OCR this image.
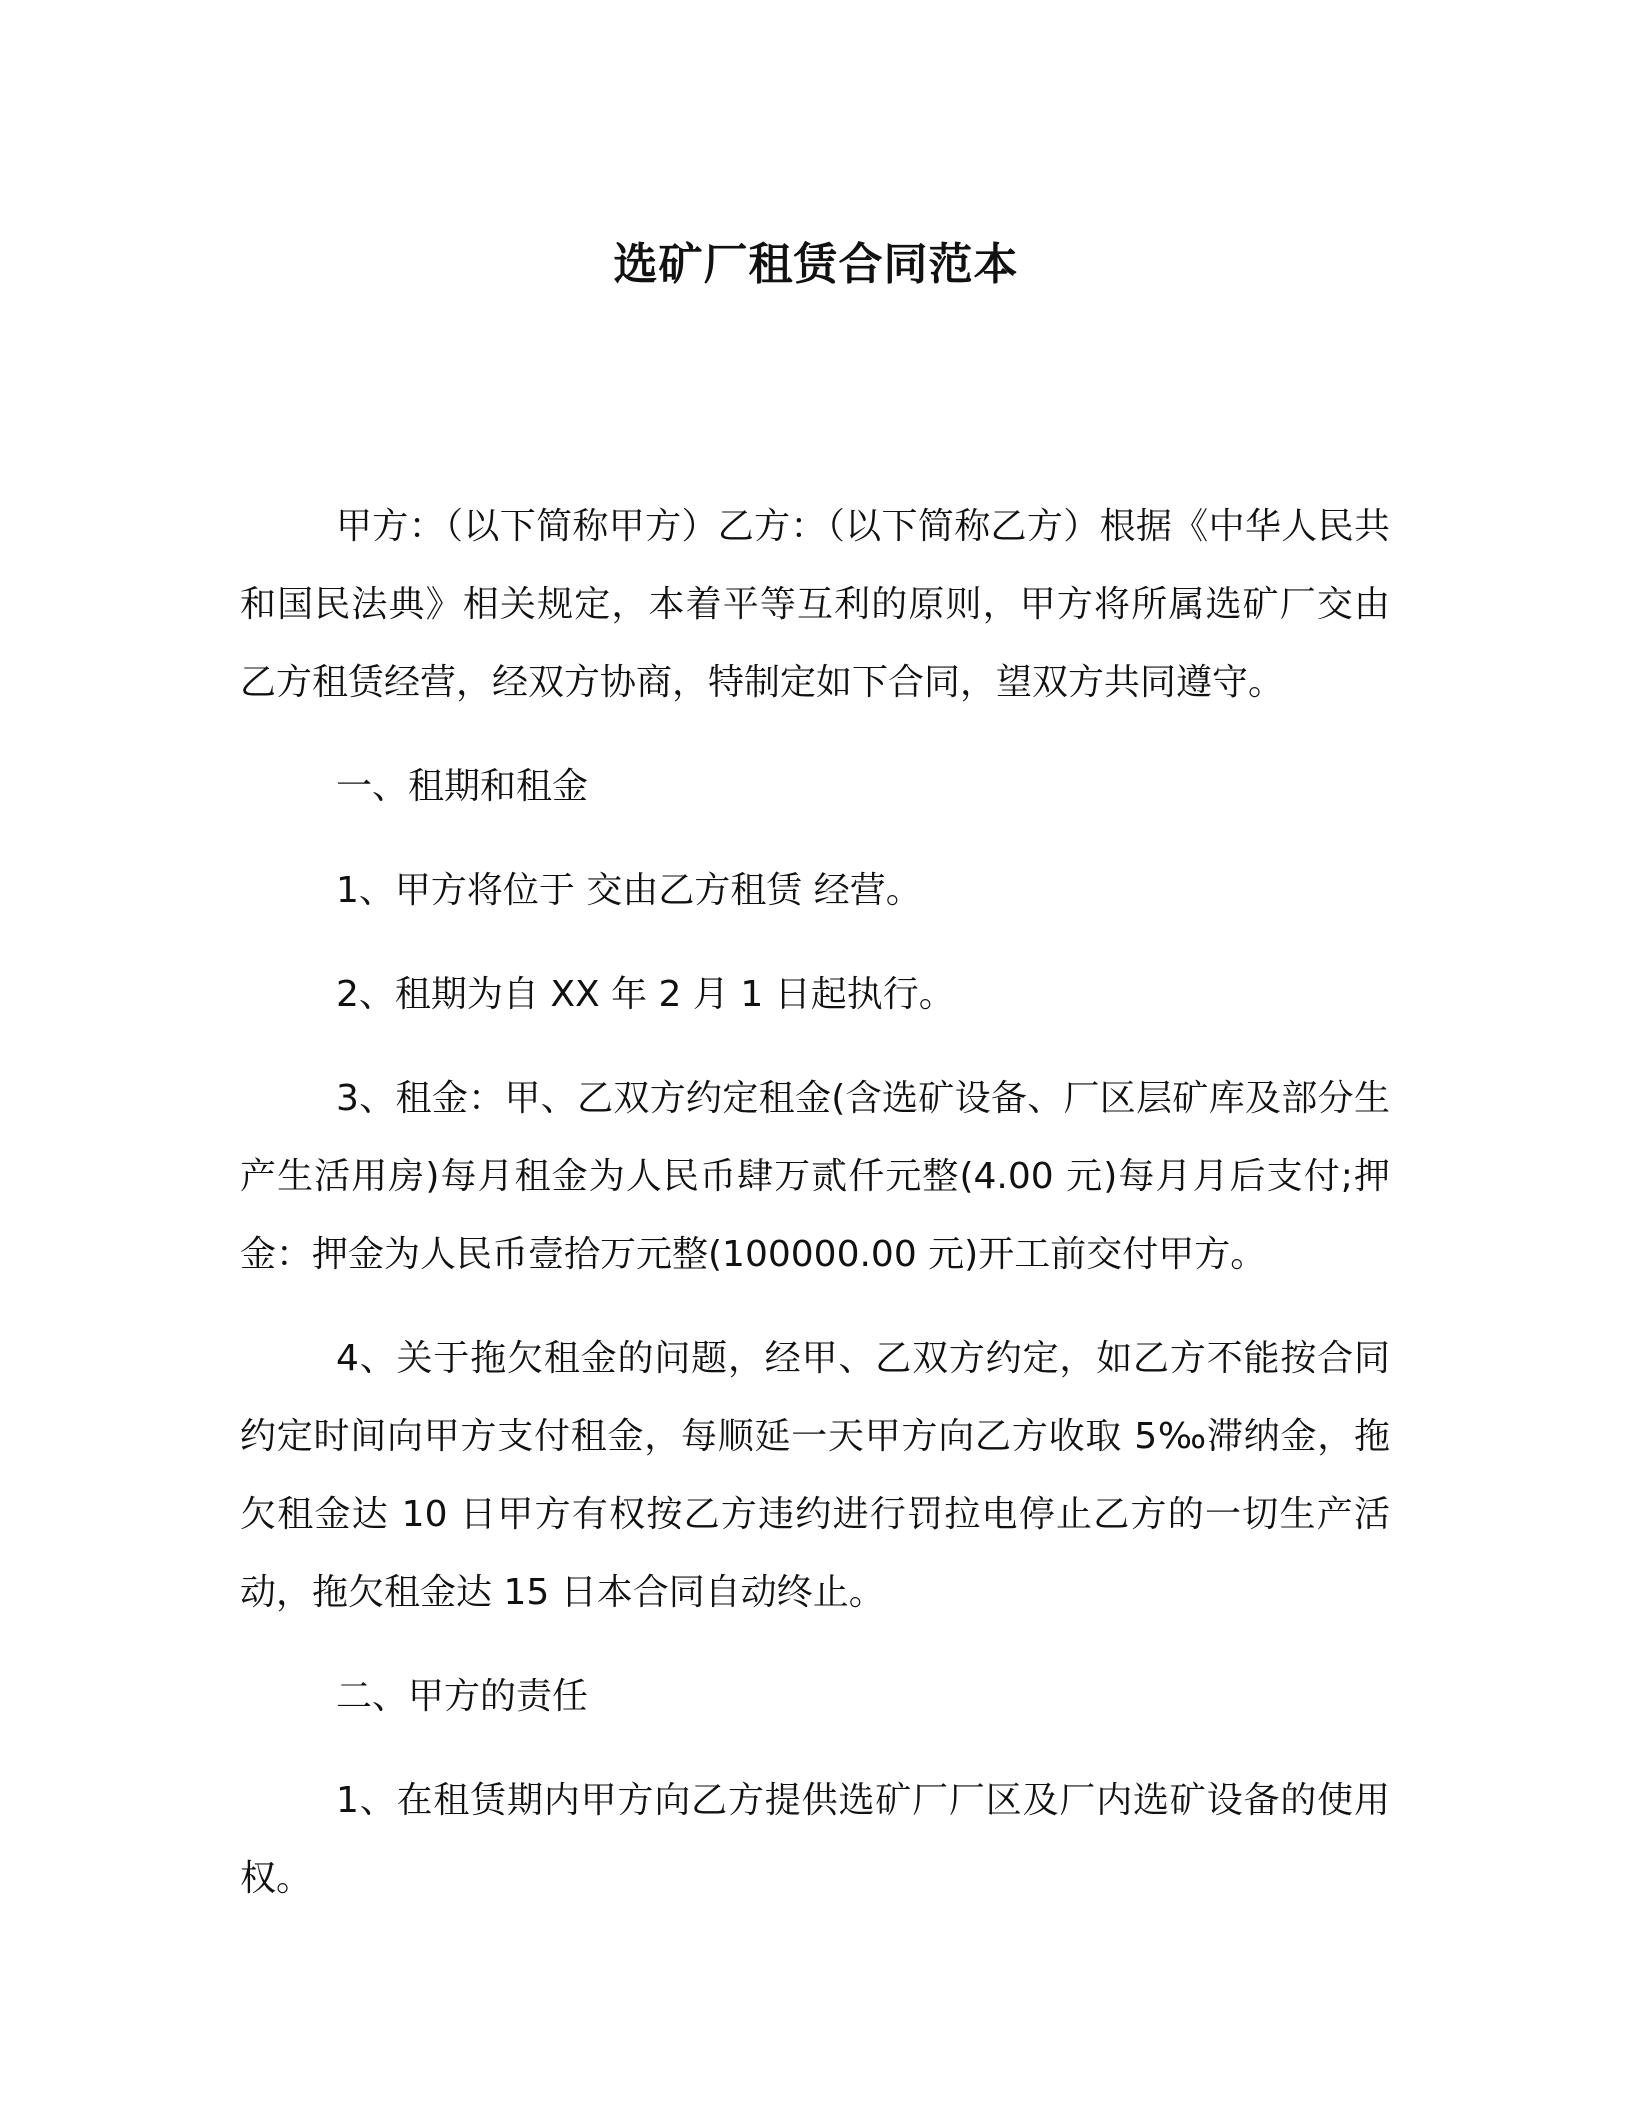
选矿厂租赁合同范本

甲方：（以下简称甲方）乙方：（以下简称乙方）根据《中华人民共和国民法典》相关规定，本着平等互利的原则，甲方将所属选矿厂交由乙方租赁经营，经双方协商，特制定如下合同，望双方共同遵守。

一、租期和租金

1、甲方将位于 交由乙方租赁 经营。

2、租期为自 XX 年 2 月 1 日起执行。

3、租金：甲、乙双方约定租金(含选矿设备、厂区层矿库及部分生产生活用房)每月租金为人民币肆万贰仟元整(4.00 元)每月月后支付;押金：押金为人民币壹拾万元整(100000.00 元)开工前交付甲方。

4、关于拖欠租金的问题，经甲、乙双方约定，如乙方不能按合同约定时间向甲方支付租金，每顺延一天甲方向乙方收取 5‰滞纳金，拖欠租金达 10 日甲方有权按乙方违约进行罚拉电停止乙方的一切生产活动，拖欠租金达 15 日本合同自动终止。

二、甲方的责任

1、在租赁期内甲方向乙方提供选矿厂厂区及厂内选矿设备的使用权。
